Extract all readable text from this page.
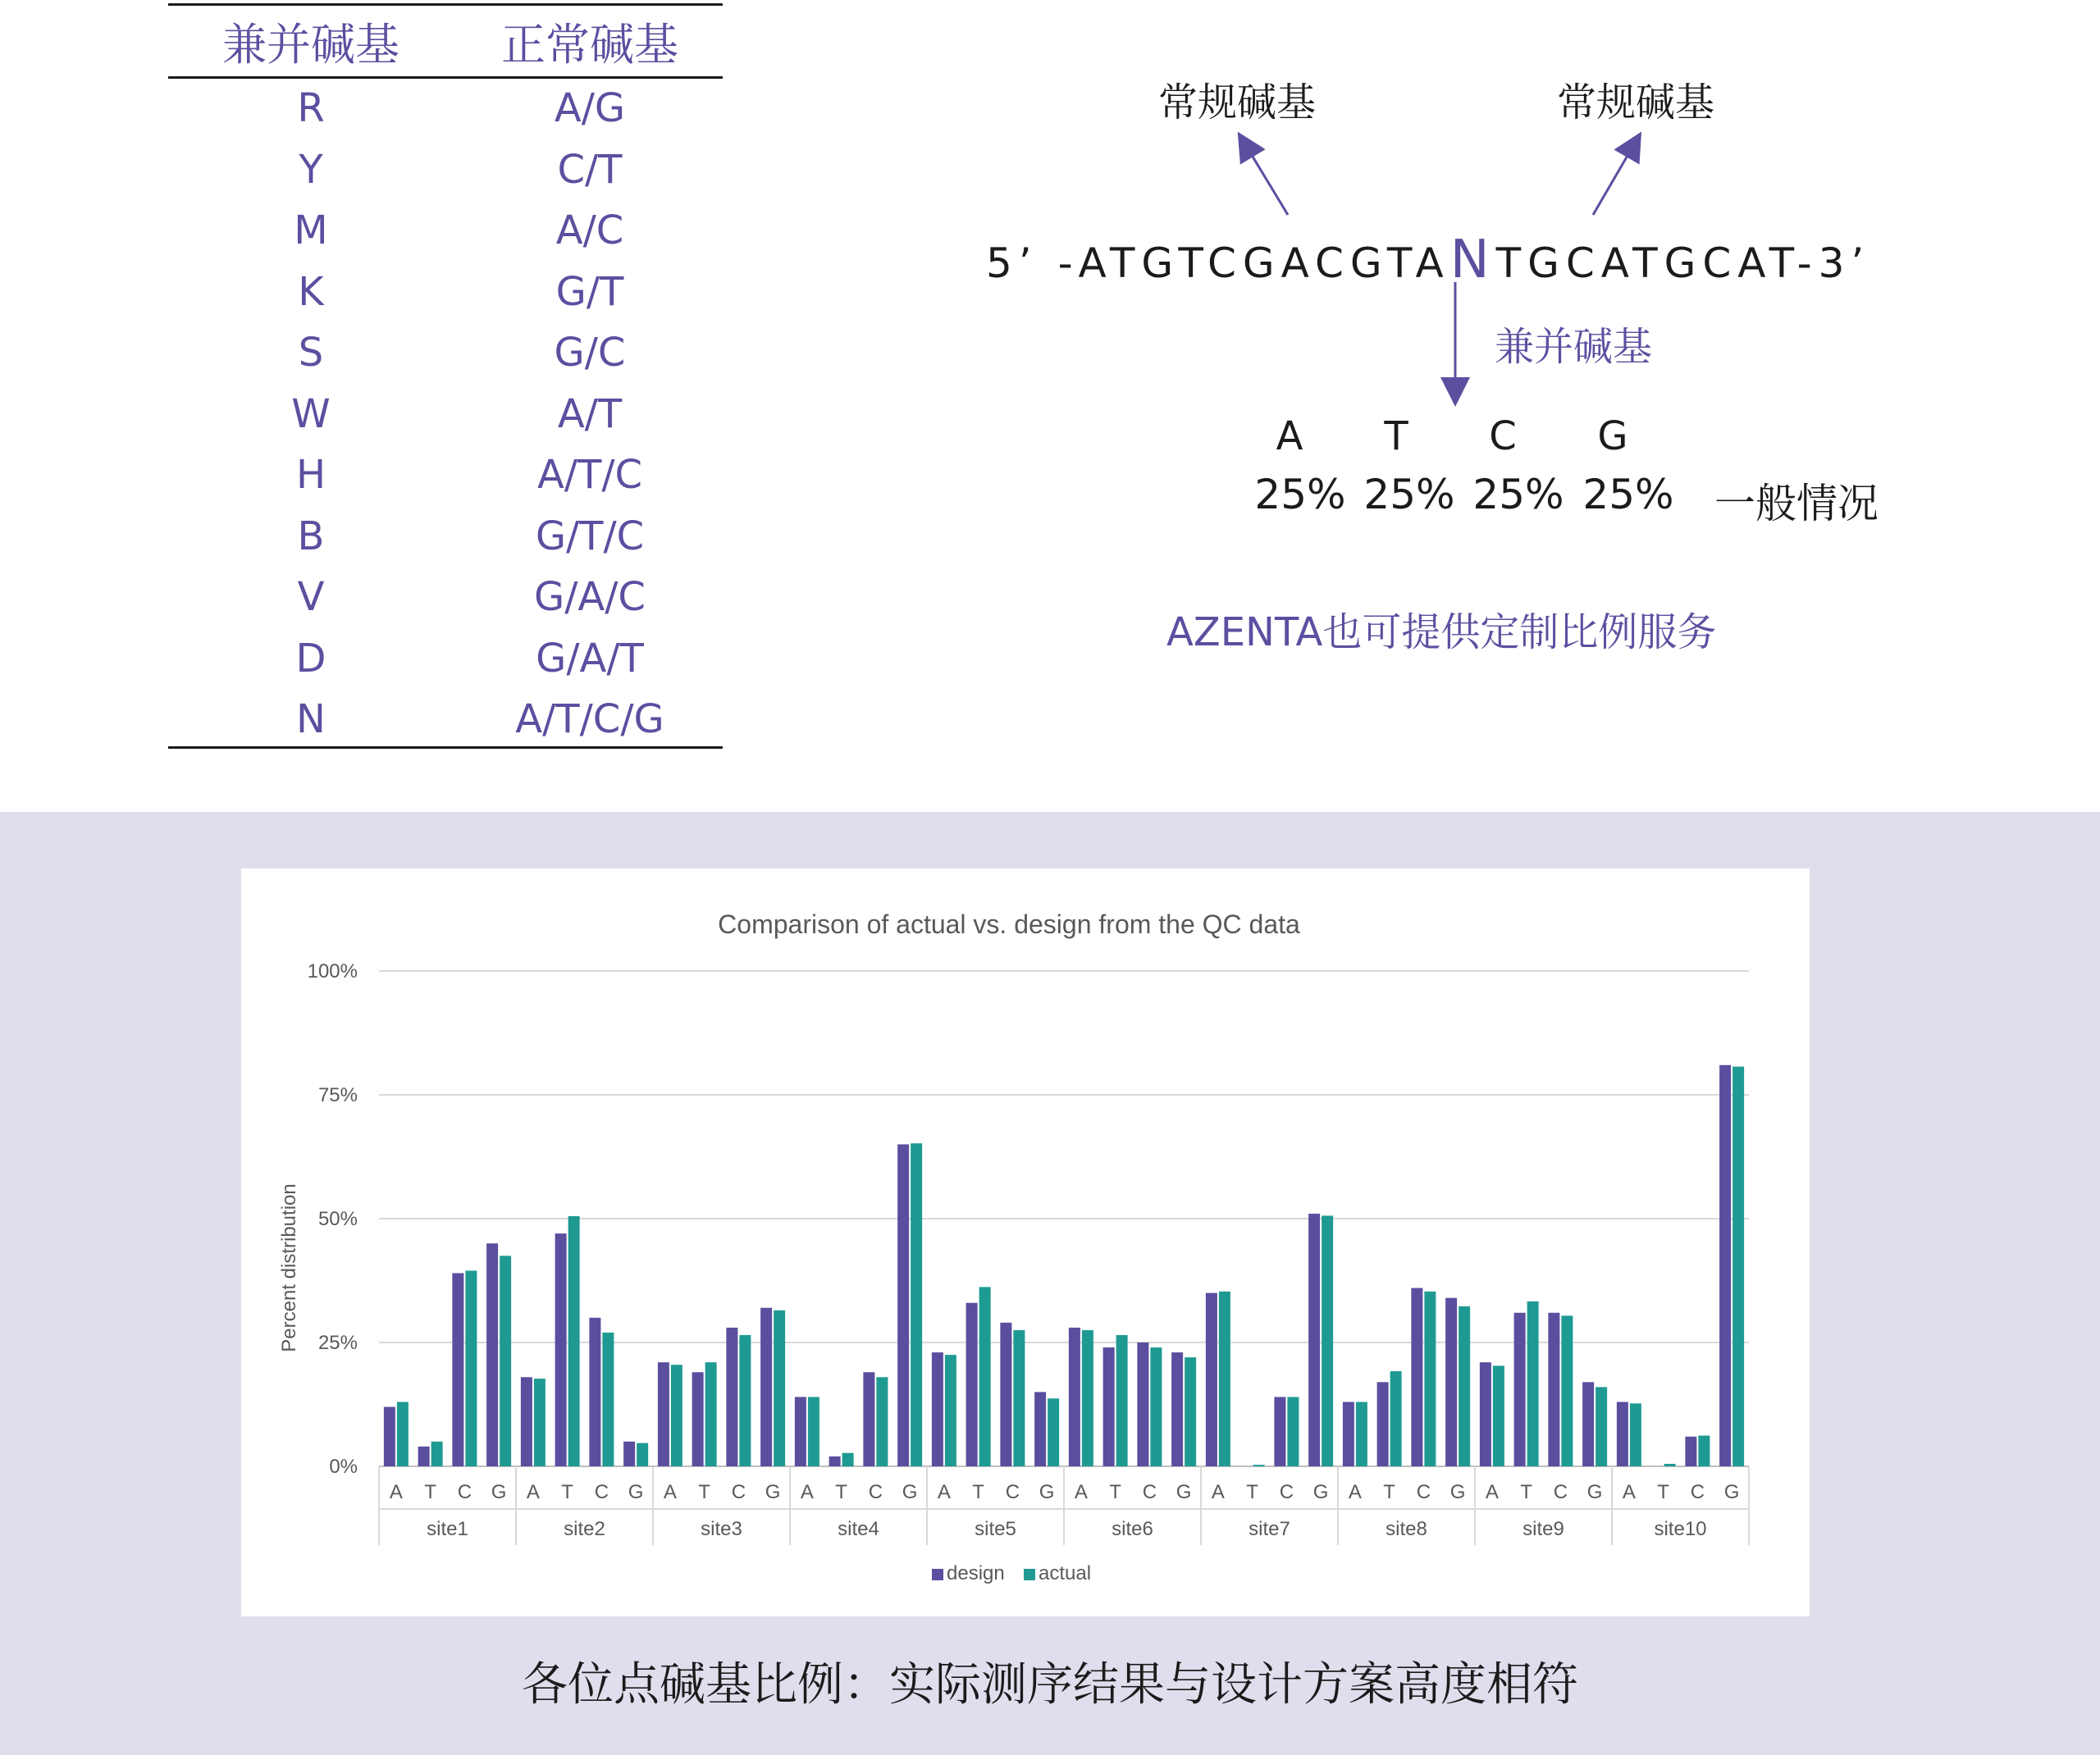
兼并碱基	正常碱基
R	A/G
Y	C/T
M	A/C
K	G/T
S	G/C
W	A/T
H	A/T/C
B	G/T/C
V	G/A/C
D	G/A/T
N	A/T/C/G
常规碱基	常规碱基
5’ -ATGTCGACGTANTGCATGCAT-3’
兼并碱基
A	T	C	G
25% 25% 25% 25% 一般情况
AZENTA也可提供定制比例服务
Comparison of actual vs. design from the QC data
Percent distribution
0%
25%
50%
75%
100%
A T C G
site1
A T C G
site2
A T C G
site3
A T C G
site4
A T C G
site5
A T C G
site6
A T C G
site7
A T C G
site8
A T C G
site9
A T C G
site10
design actual
各位点碱基比例：实际测序结果与设计方案高度相符
